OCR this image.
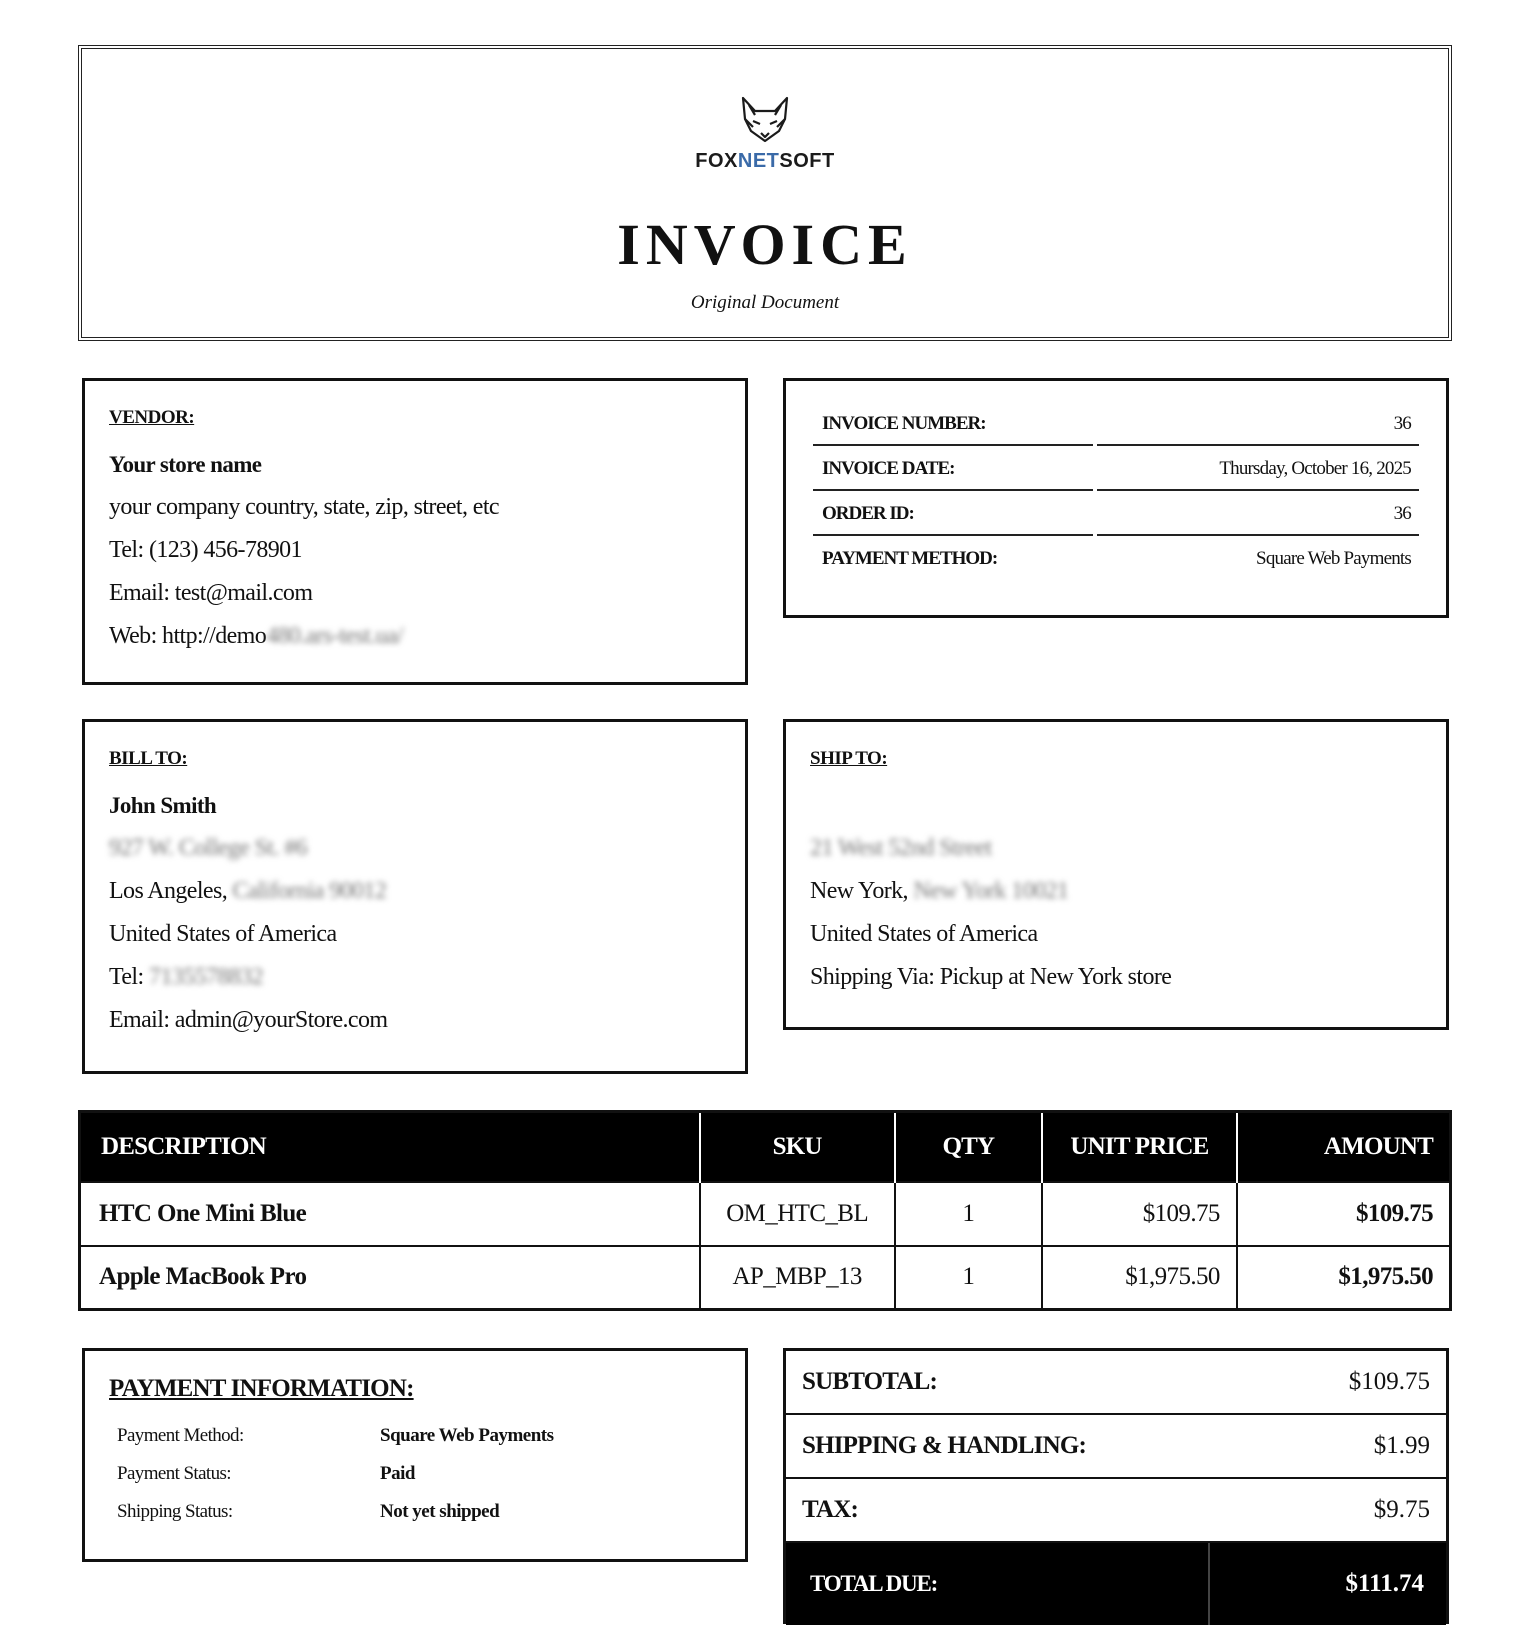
FOXNETSOFT
INVOICE
Original Document
VENDOR:
Your store name
your company country, state, zip, street, etc
Tel: (123) 456-78901
Email: test@mail.com
Web: http://demo480.ars-test.ua/
INVOICE NUMBER:	36
INVOICE DATE:	Thursday, October 16, 2025
ORDER ID:	36
PAYMENT METHOD:	Square Web Payments
BILL TO:
John Smith
927 W. College St. #6
Los Angeles, California 90012
United States of America
Tel: 7135578832
Email: admin@yourStore.com
SHIP TO:
21 West 52nd Street
New York, New York 10021
United States of America
Shipping Via: Pickup at New York store
DESCRIPTION	SKU	QTY	UNIT PRICE	AMOUNT
HTC One Mini Blue	OM_HTC_BL	1	$109.75	$109.75
Apple MacBook Pro	AP_MBP_13	1	$1,975.50	$1,975.50
PAYMENT INFORMATION:
Payment Method:	Square Web Payments
Payment Status:	Paid
Shipping Status:	Not yet shipped
SUBTOTAL:	$109.75
SHIPPING & HANDLING:	$1.99
TAX:	$9.75
TOTAL DUE:	$111.74
